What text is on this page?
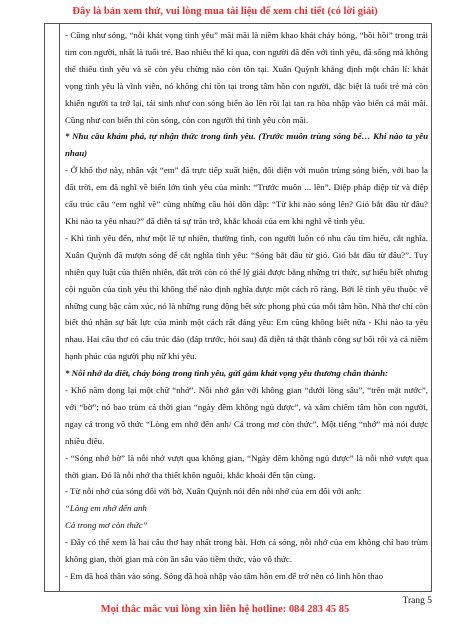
Đây là bản xem thử, vui lòng mua tài liệu để xem chi tiết (có lời giải)

- Cũng như sóng, “nỗi khát vọng tình yêu” mãi mãi là niềm khao khát cháy bỏng, “bồi hồi” trong trái tim con người, nhất là tuổi trẻ. Bao nhiêu thế kỉ qua, con người đã đến với tình yêu, đã sống mà không thể thiếu tình yêu và sẽ còn yêu chừng nào còn tồn tại. Xuân Quỳnh khẳng định một chân lí: khát vọng tình yêu là vĩnh viễn, nó không chỉ tồn tại trong tâm hồn con người, đặc biệt là tuổi trẻ mà còn khiến người ta trở lại, tái sinh như con sóng biển ào lên rồi lại tan ra hòa nhập vào biển cả mãi mãi. Cũng như con biển thì còn sóng, còn con người thì tình yêu còn mãi.

* Nhu cầu khám phá, tự nhận thức trong tình yêu. (Trước muôn trùng sóng bể… Khi nào ta yêu nhau)

- Ở khổ thơ này, nhân vật “em” đã trực tiếp xuất hiện, đối diện với muôn trùng sóng biển, với bao la đất trời, em đã nghĩ về biển lớn tình yêu của mình: “Trước muôn ... lên”. Điệp pháp điệp từ và điệp cấu trúc câu “em nghĩ về” cùng những câu hỏi dồn dập: “Từ khi nào sóng lên? Gió bắt đầu từ đâu? Khi nào ta yêu nhau?” đã diễn tả sự trăn trở, khắc khoải của em khi nghĩ về tình yêu.

- Khi tình yêu đến, như một lẽ tự nhiên, thường tình, con người luôn có nhu cầu tìm hiểu, cắt nghĩa. Xuân Quỳnh đã mượn sóng để cắt nghĩa tình yêu: “Sóng bắt đầu từ gió. Gió bắt đầu từ đâu?”. Tuy nhiên quy luật của thiên nhiên, đất trời còn có thể lý giải được bằng những tri thức, sự hiểu biết nhưng cội nguồn của tình yêu thì không thể nào định nghĩa được một cách rõ ràng. Bởi lẽ tình yêu thuộc về những cung bậc cảm xúc, nó là những rung động bết sức phong phú của mỗi tâm hồn. Nhà thơ chỉ còn biết thú nhận sự bất lực của mình một cách rất đáng yêu: Em cũng không biết nữa - Khi nào ta yêu nhau. Hai câu thơ có cấu trúc đảo (đáp trước, hỏi sau) đã diễn tả thật thành công sự bối rối và cả niềm hạnh phúc của người phụ nữ khi yêu.

* Nỗi nhớ da diết, cháy bỏng trong tình yêu, gửi gắm khát vọng yêu thương chân thành:

- Khổ năm đọng lại một chữ “nhớ”. Nỗi nhớ gắn với không gian “dưới lòng sâu”, “trên mặt nước”, với “bờ”; nó bao trùm cả thời gian “ngày đêm không ngủ được”, và xâm chiếm tâm hồn con người, ngay cả trong vô thức “Lòng em nhớ đến anh/ Cả trong mơ còn thức”. Một tiếng “nhớ” mà nói được nhiều điều.

- “Sóng nhớ bờ” là nỗi nhớ vượt qua không gian, “Ngày đêm không ngủ được” là nỗi nhớ vượt qua thời gian. Đó là nỗi nhớ tha thiết khôn nguôi, khắc khoải đến tận cùng.

- Từ nỗi nhớ của sóng đối với bờ, Xuân Quỳnh nói đến nỗi nhớ của em đối với anh:

“Lòng em nhớ đến anh

Cả trong mơ còn thức”

- Đây có thể xem là hai câu thơ hay nhất trong bài. Hơn cả sóng, nỗi nhớ của em không chỉ bao trùm không gian, thời gian mà còn ăn sâu vào tiềm thức, vào vô thức.

- Em đã hoá thân vào sóng. Sóng đã hoà nhập vào tâm hồn em để trở nên có linh hồn thao

Trang 5
Mọi thắc mắc vui lòng xin liên hệ hotline: 084 283 45 85
